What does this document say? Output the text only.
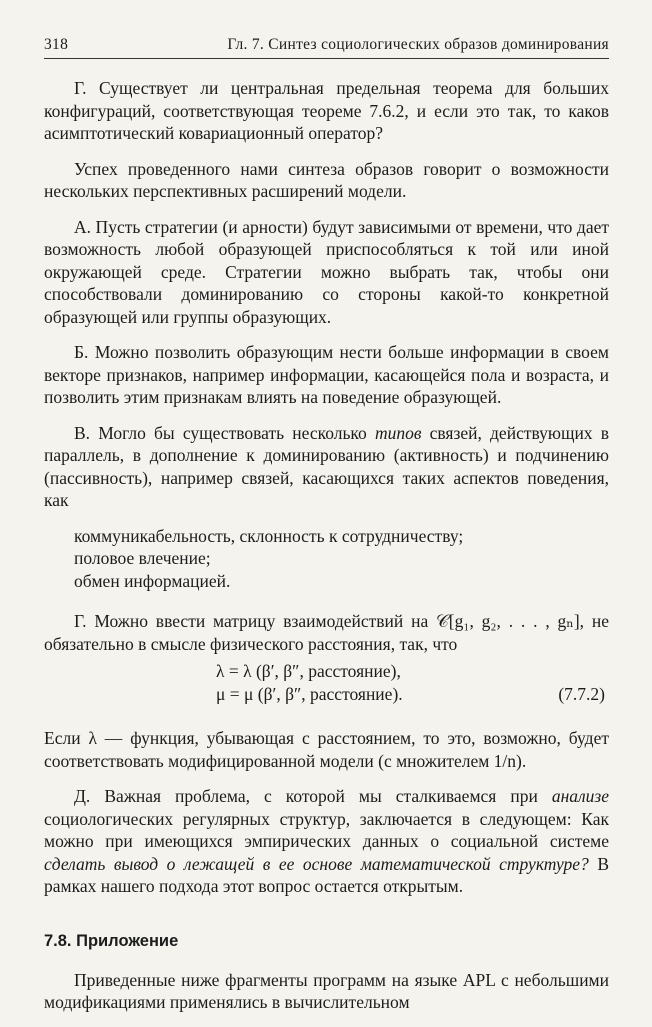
318	Гл. 7. Синтез социологических образов доминирования

Г. Существует ли центральная предельная теорема для больших конфигураций, соответствующая теореме 7.6.2, и если это так, то каков асимптотический ковариационный оператор?

Успех проведенного нами синтеза образов говорит о возможности нескольких перспективных расширений модели.

А. Пусть стратегии (и арности) будут зависимыми от времени, что дает возможность любой образующей приспособляться к той или иной окружающей среде. Стратегии можно выбрать так, чтобы они способствовали доминированию со стороны какой-то конкретной образующей или группы образующих.

Б. Можно позволить образующим нести больше информации в своем векторе признаков, например информации, касающейся пола и возраста, и позволить этим признакам влиять на поведение образующей.

В. Могло бы существовать несколько типов связей, действующих в параллель, в дополнение к доминированию (активность) и подчинению (пассивность), например связей, касающихся таких аспектов поведения, как

коммуникабельность, склонность к сотрудничеству;
половое влечение;
обмен информацией.

Г. Можно ввести матрицу взаимодействий на 𝒞[g₁, g₂, . . . , gₙ], не обязательно в смысле физического расстояния, так, что

λ = λ (β′, β″, расстояние),
μ = μ (β′, β″, расстояние).	(7.7.2)

Если λ — функция, убывающая с расстоянием, то это, возможно, будет соответствовать модифицированной модели (с множителем 1/n).

Д. Важная проблема, с которой мы сталкиваемся при анализе социологических регулярных структур, заключается в следующем: Как можно при имеющихся эмпирических данных о социальной системе сделать вывод о лежащей в ее основе математической структуре? В рамках нашего подхода этот вопрос остается открытым.

7.8. Приложение

Приведенные ниже фрагменты программ на языке APL с небольшими модификациями применялись в вычислительном
